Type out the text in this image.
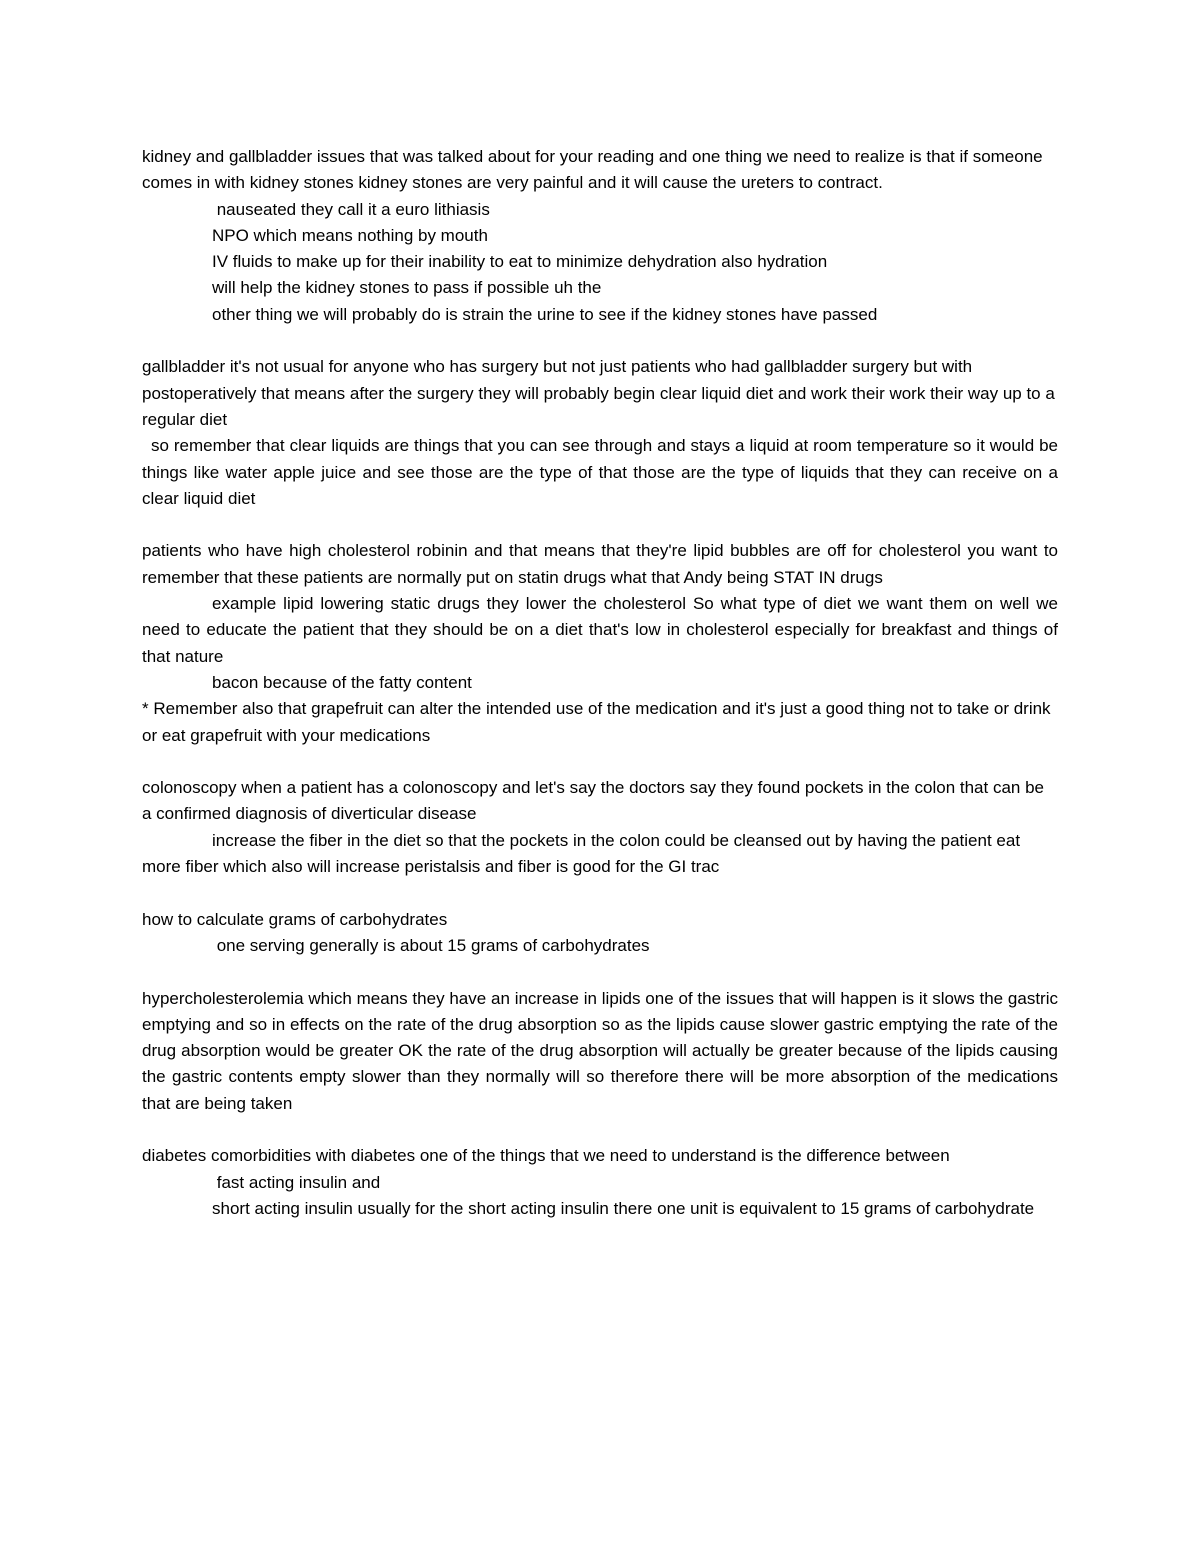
kidney and gallbladder issues that was talked about for your reading and one thing we need to realize is that if someone comes in with kidney stones kidney stones are very painful and it will cause the ureters to contract.

nauseated they call it a euro lithiasis

NPO which means nothing by mouth

IV fluids to make up for their inability to eat to minimize dehydration also hydration

will help the kidney stones to pass if possible uh the

other thing we will probably do is strain the urine to see if the kidney stones have passed

gallbladder it's not usual for anyone who has surgery but not just patients who had gallbladder surgery but with postoperatively that means after the surgery they will probably begin clear liquid diet and work their work their way up to a regular diet

so remember that clear liquids are things that you can see through and stays a liquid at room temperature so it would be things like water apple juice and see those are the type of that those are the type of liquids that they can receive on a clear liquid diet

patients who have high cholesterol robinin and that means that they're lipid bubbles are off for cholesterol you want to remember that these patients are normally put on statin drugs what that Andy being STAT IN drugs

example lipid lowering static drugs they lower the cholesterol So what type of diet we want them on well we need to educate the patient that they should be on a diet that's low in cholesterol especially for breakfast and things of that nature

bacon because of the fatty content

* Remember also that grapefruit can alter the intended use of the medication and it's just a good thing not to take or drink or eat grapefruit with your medications

colonoscopy when a patient has a colonoscopy and let's say the doctors say they found pockets in the colon that can be a confirmed diagnosis of diverticular disease

increase the fiber in the diet so that the pockets in the colon could be cleansed out by having the patient eat more fiber which also will increase peristalsis and fiber is good for the GI trac

how to calculate grams of carbohydrates

one serving generally is about 15 grams of carbohydrates

hypercholesterolemia which means they have an increase in lipids one of the issues that will happen is it slows the gastric emptying and so in effects on the rate of the drug absorption so as the lipids cause slower gastric emptying the rate of the drug absorption would be greater OK the rate of the drug absorption will actually be greater because of the lipids causing the gastric contents empty slower than they normally will so therefore there will be more absorption of the medications that are being taken

diabetes comorbidities with diabetes one of the things that we need to understand is the difference between

fast acting insulin and

short acting insulin usually for the short acting insulin there one unit is equivalent to 15 grams of carbohydrate
